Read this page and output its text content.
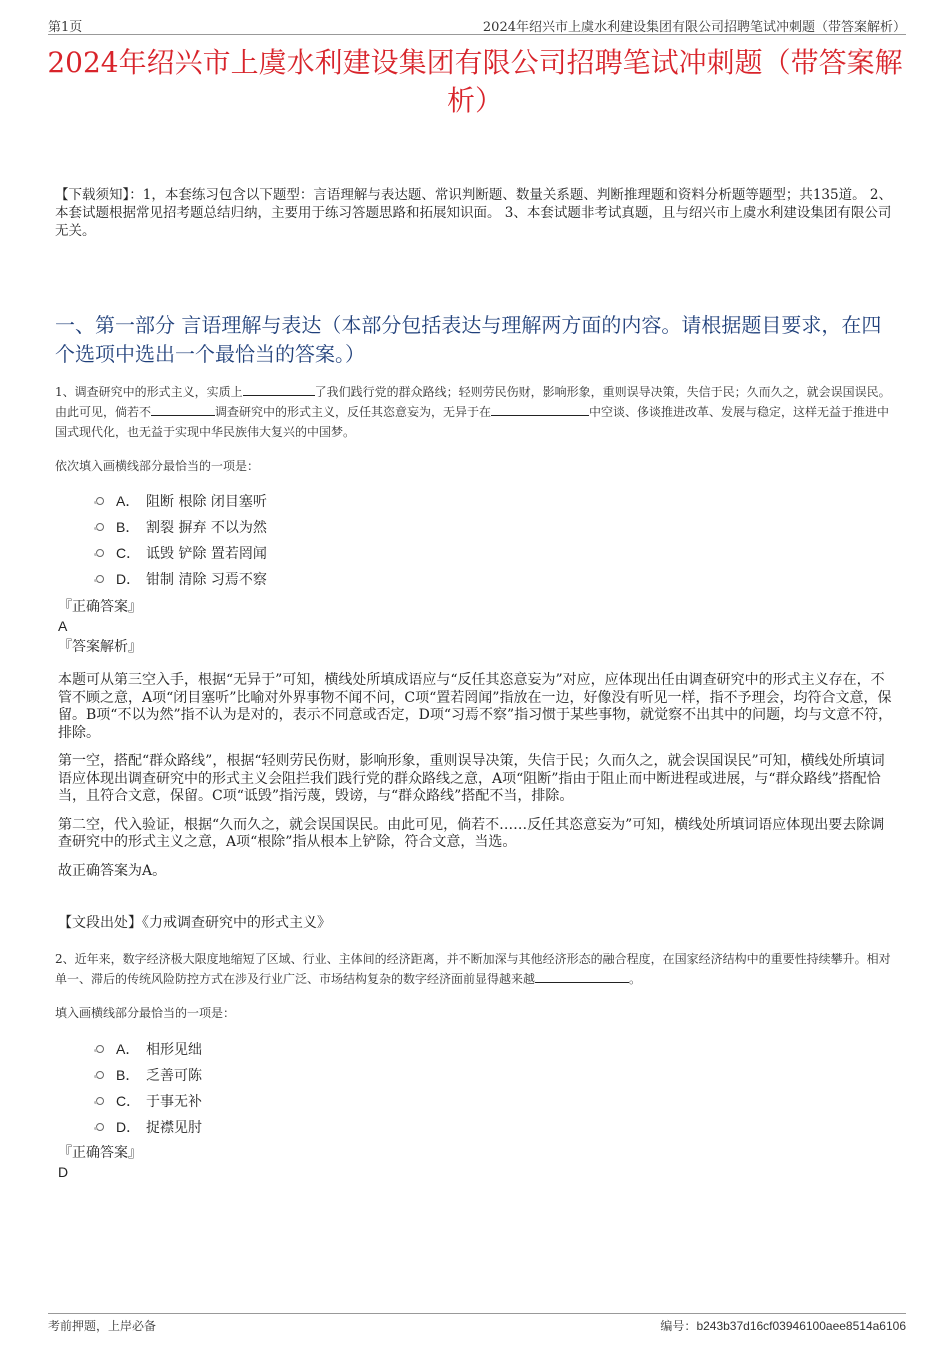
第1页	2024年绍兴市上虞水利建设集团有限公司招聘笔试冲刺题（带答案解析）
2024年绍兴市上虞水利建设集团有限公司招聘笔试冲刺题（带答案解析）
【下载须知】：1，本套练习包含以下题型：言语理解与表达题、常识判断题、数量关系题、判断推理题和资料分析题等题型；共135道。 2、本套试题根据常见招考题总结归纳，主要用于练习答题思路和拓展知识面。 3、本套试题非考试真题，且与绍兴市上虞水利建设集团有限公司无关。
一、第一部分 言语理解与表达（本部分包括表达与理解两方面的内容。请根据题目要求，在四个选项中选出一个最恰当的答案。）
1、调查研究中的形式主义，实质上	了我们践行党的群众路线；轻则劳民伤财，影响形象，重则误导决策，失信于民；久而久之，就会误国误民。由此可见，倘若不	调查研究中的形式主义，反任其恣意妄为，无异于在	中空谈、侈谈推进改革、发展与稳定，这样无益于推进中国式现代化，也无益于实现中华民族伟大复兴的中国梦。
依次填入画横线部分最恰当的一项是：
A． 阻断 根除 闭目塞听
B． 割裂 摒弃 不以为然
C． 诋毁 铲除 置若罔闻
D． 钳制 清除 习焉不察
『正确答案』
A
『答案解析』

本题可从第三空入手，根据“无异于”可知，横线处所填成语应与“反任其恣意妄为”对应，应体现出任由调查研究中的形式主义存在，不管不顾之意，A项“闭目塞听”比喻对外界事物不闻不问，C项“置若罔闻”指放在一边，好像没有听见一样，指不予理会，均符合文意，保留。B项“不以为然”指不认为是对的，表示不同意或否定，D项“习焉不察”指习惯于某些事物，就觉察不出其中的问题，均与文意不符，排除。

第一空，搭配“群众路线”，根据“轻则劳民伤财，影响形象，重则误导决策，失信于民；久而久之，就会误国误民”可知，横线处所填词语应体现出调查研究中的形式主义会阻拦我们践行党的群众路线之意，A项“阻断”指由于阻止而中断进程或进展，与“群众路线”搭配恰当，且符合文意，保留。C项“诋毁”指污蔑，毁谤，与“群众路线”搭配不当，排除。

第二空，代入验证，根据“久而久之，就会误国误民。由此可见，倘若不……反任其恣意妄为”可知，横线处所填词语应体现出要去除调查研究中的形式主义之意，A项“根除”指从根本上铲除，符合文意，当选。

故正确答案为A。

【文段出处】《力戒调查研究中的形式主义》
2、近年来，数字经济极大限度地缩短了区域、行业、主体间的经济距离，并不断加深与其他经济形态的融合程度，在国家经济结构中的重要性持续攀升。相对单一、滞后的传统风险防控方式在涉及行业广泛、市场结构复杂的数字经济面前显得越来越	。
填入画横线部分最恰当的一项是：
A． 相形见绌
B． 乏善可陈
C． 于事无补
D． 捉襟见肘
『正确答案』
D
考前押题，上岸必备	编号：b243b37d16cf03946100aee8514a6106
